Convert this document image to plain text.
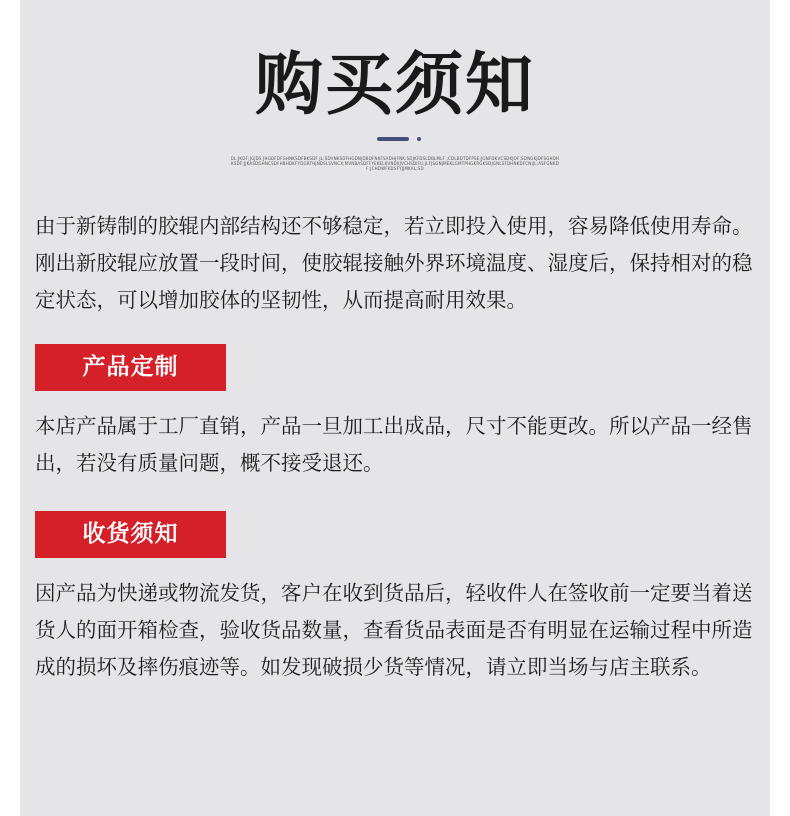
购买须知
DL;JKDF;JGJDS JHGDFDFGHNKSDFBKSDF JL;SDVNKSDFHGDNJDBDFNKFSADHJFNK;SDJKFDSLDBLMLF ;CDLBDTDFPSE;JGNFDKVCSDKJOF;SDNGKJDFSGHDHKSDF;JJKASDGHNCSDFHBHDKFYDGRTHJNDSLSVNCX;MVNBASDFFYEKELKVNDKJVCHSDIFU;JLFJSGNJMEKLGMTPHGKRGKSDJGNLSFDHNKDFCNIJL;ASFGNKDF;JCHDWFKDSFYJJMKAL;SD
由于新铸制的胶辊内部结构还不够稳定，若立即投入使用，容易降低使用寿命。刚出新胶辊应放置一段时间，使胶辊接触外界环境温度、湿度后，保持相对的稳定状态，可以增加胶体的坚韧性，从而提高耐用效果。
产品定制
本店产品属于工厂直销，产品一旦加工出成品，尺寸不能更改。所以产品一经售出，若没有质量问题，概不接受退还。
收货须知
因产品为快递或物流发货，客户在收到货品后，轻收件人在签收前一定要当着送货人的面开箱检查，验收货品数量，查看货品表面是否有明显在运输过程中所造成的损坏及摔伤痕迹等。如发现破损少货等情况，请立即当场与店主联系。
